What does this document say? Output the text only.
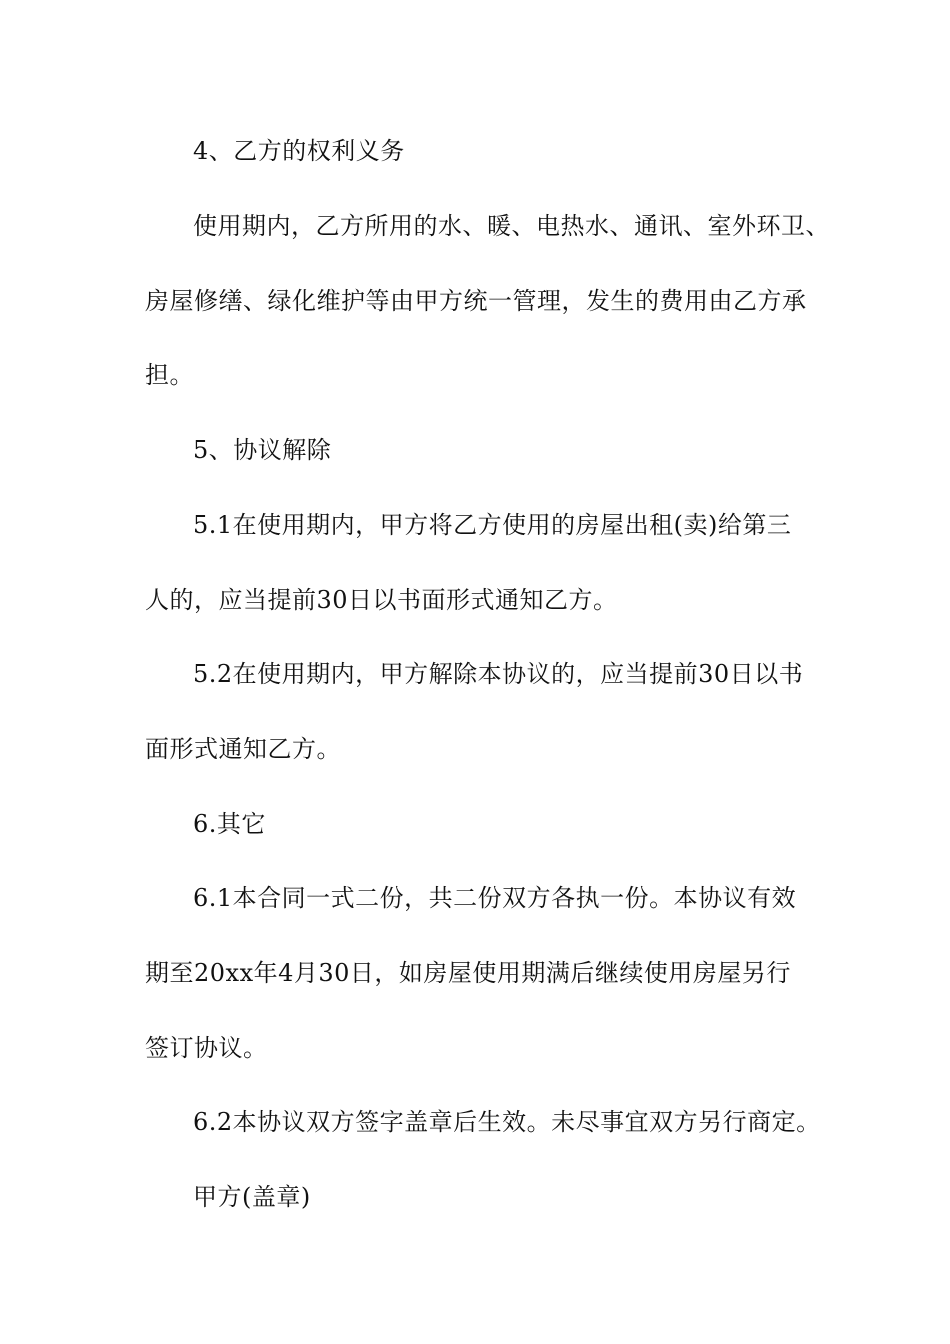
4、乙方的权利义务
使用期内，乙方所用的水、暖、电热水、通讯、室外环卫、
房屋修缮、绿化维护等由甲方统一管理，发生的费用由乙方承
担。
5、协议解除
5.1在使用期内，甲方将乙方使用的房屋出租(卖)给第三
人的，应当提前30日以书面形式通知乙方。
5.2在使用期内，甲方解除本协议的，应当提前30日以书
面形式通知乙方。
6.其它
6.1本合同一式二份，共二份双方各执一份。本协议有效
期至20xx年4月30日，如房屋使用期满后继续使用房屋另行
签订协议。
6.2本协议双方签字盖章后生效。未尽事宜双方另行商定。
甲方(盖章)
